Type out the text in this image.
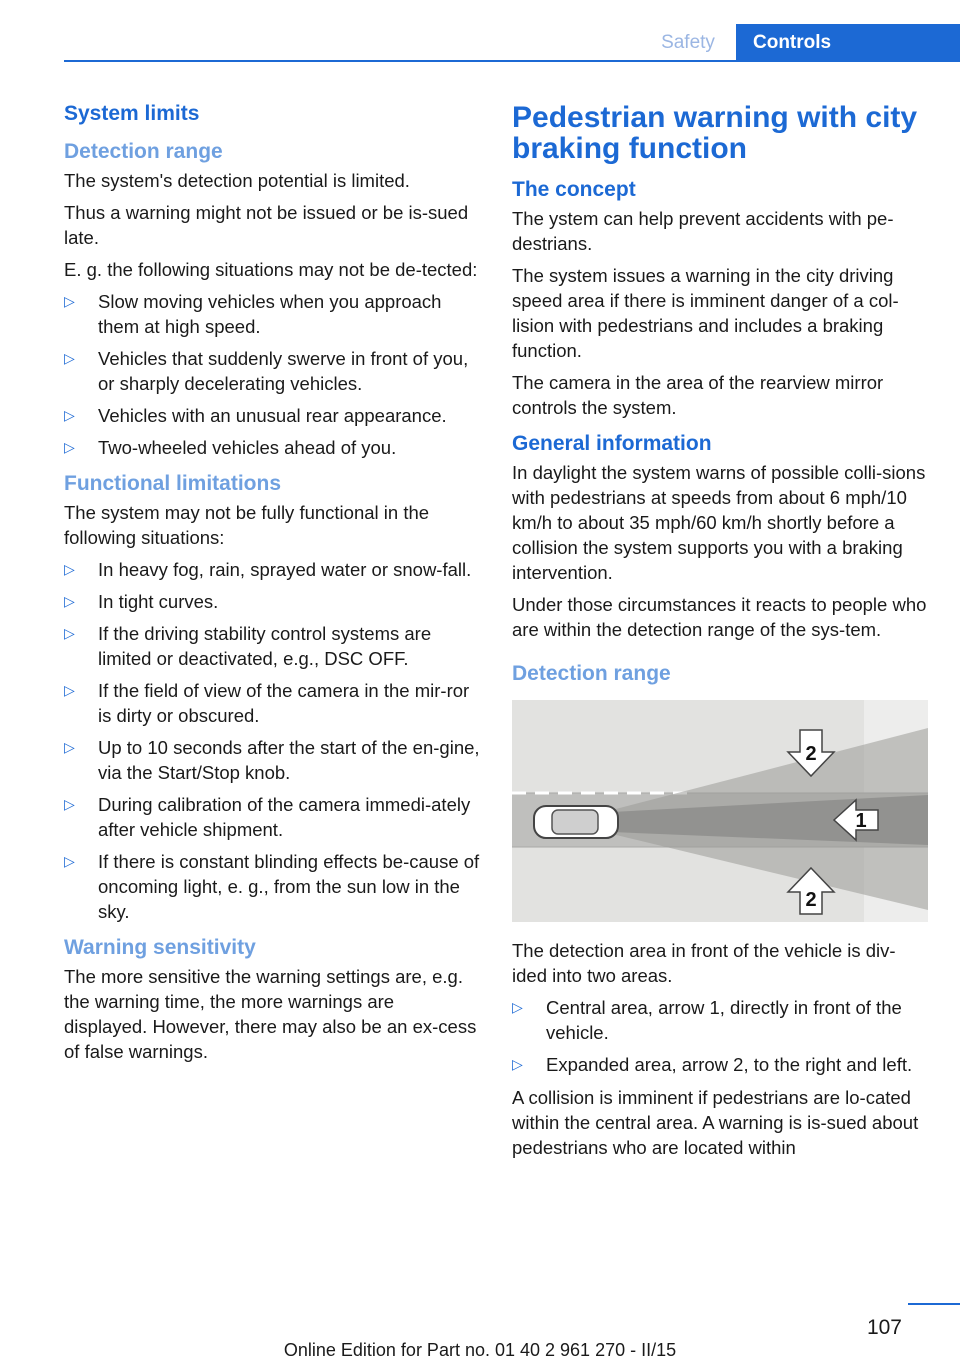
Safety	Controls
System limits
Detection range

The system's detection potential is limited.

Thus a warning might not be issued or be is-sued late.

E. g. the following situations may not be de-tected:

▷ Slow moving vehicles when you approach them at high speed.
▷ Vehicles that suddenly swerve in front of you, or sharply decelerating vehicles.
▷ Vehicles with an unusual rear appearance.
▷ Two-wheeled vehicles ahead of you.
Functional limitations

The system may not be fully functional in the following situations:

▷ In heavy fog, rain, sprayed water or snow-fall.
▷ In tight curves.
▷ If the driving stability control systems are limited or deactivated, e.g., DSC OFF.
▷ If the field of view of the camera in the mir-ror is dirty or obscured.
▷ Up to 10 seconds after the start of the en-gine, via the Start/Stop knob.
▷ During calibration of the camera immedi-ately after vehicle shipment.
▷ If there is constant blinding effects be-cause of oncoming light, e. g., from the sun low in the sky.
Warning sensitivity

The more sensitive the warning settings are, e.g. the warning time, the more warnings are displayed. However, there may also be an ex-cess of false warnings.

Pedestrian warning with city braking function
The concept

The ystem can help prevent accidents with pe-destrians.

The system issues a warning in the city driving speed area if there is imminent danger of a col-lision with pedestrians and includes a braking function.

The camera in the area of the rearview mirror controls the system.

General information

In daylight the system warns of possible colli-sions with pedestrians at speeds from about 6 mph/10 km/h to about 35 mph/60 km/h shortly before a collision the system supports you with a braking intervention.

Under those circumstances it reacts to people who are within the detection range of the sys-tem.

Detection range
2
1
2

The detection area in front of the vehicle is div-ided into two areas.

▷ Central area, arrow 1, directly in front of the vehicle.
▷ Expanded area, arrow 2, to the right and left.

A collision is imminent if pedestrians are lo-cated within the central area. A warning is is-sued about pedestrians who are located within

107
Online Edition for Part no. 01 40 2 961 270 - II/15
